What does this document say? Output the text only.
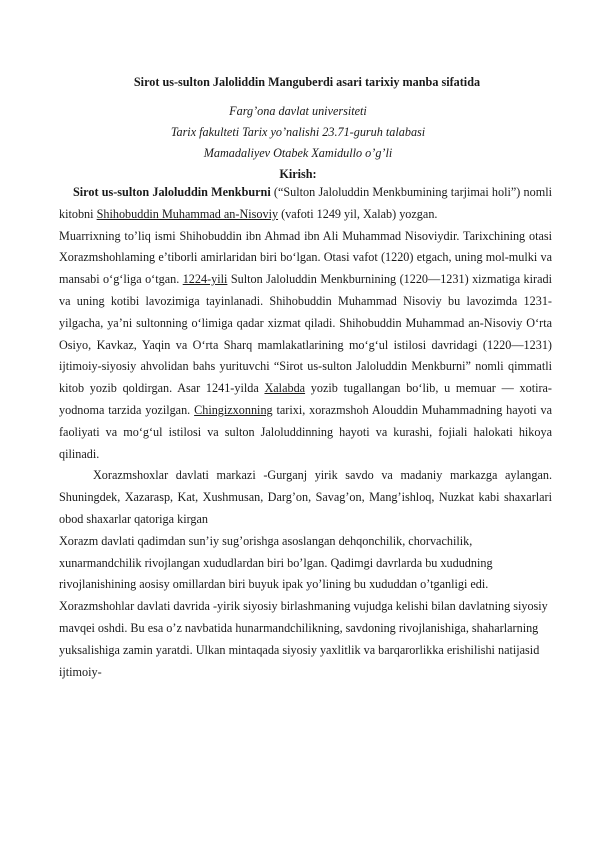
Sirot us-sulton Jaloliddin Manguberdi asari tarixiy manba sifatida
Farg’ona davlat universiteti
Tarix fakulteti Tarix yo’nalishi 23.71-guruh talabasi
Mamadaliyev Otabek Xamidullo o’g’li
Kirish:

Sirot us-sulton Jaloluddin Menkburni (“Sulton Jaloluddin Menkbumining tarjimai holi”) nomli kitobni Shihobuddin Muhammad an-Nisoviy (vafoti 1249 yil, Xalab) yozgan.

Muarrixning to’liq ismi Shihobuddin ibn Ahmad ibn Ali Muhammad Nisoviydir. Tarixchining otasi Xorazmshohlaming e’tiborli amirlaridan biri bo‘lgan. Otasi vafot (1220) etgach, uning mol-mulki va mansabi o‘g‘liga o‘tgan. 1224-yili Sulton Jaloluddin Menkburnining (1220—1231) xizmatiga kiradi va uning kotibi lavozimiga tayinlanadi. Shihobuddin Muhammad Nisoviy bu lavozimda 1231-yilgacha, ya’ni sultonning o‘limiga qadar xizmat qiladi. Shihobuddin Muhammad an-Nisoviy O‘rta Osiyo, Kavkaz, Yaqin va O‘rta Sharq mamlakatlarining mo‘g‘ul istilosi davridagi (1220—1231) ijtimoiy-siyosiy ahvolidan bahs yurituvchi “Sirot us-sulton Jaloluddin Menkburni” nomli qimmatli kitob yozib qoldirgan. Asar 1241-yilda Xalabda yozib tugallangan bo‘lib, u memuar — xotira-yodnoma tarzida yozilgan. Chingizxonning tarixi, xorazmshoh Alouddin Muhammadning hayoti va faoliyati va mo‘g‘ul istilosi va sulton Jaloluddinning hayoti va kurashi, fojiali halokati hikoya qilinadi.

Xorazmshoxlar davlati markazi -Gurganj yirik savdo va madaniy markazga aylangan. Shuningdek, Xazarasp, Kat, Xushmusan, Darg’on, Savag’on, Mang’ishloq, Nuzkat kabi shaxarlari obod shaxarlar qatoriga kirgan

Xorazm davlati qadimdan sun’iy sug’orishga asoslangan dehqonchilik, chorvachilik, xunarmandchilik rivojlangan xududlardan biri bo’lgan. Qadimgi davrlarda bu xududning rivojlanishining aosisy omillardan biri buyuk ipak yo’lining bu xududdan o’tganligi edi. Xorazmshohlar davlati davrida -yirik siyosiy birlashmaning vujudga kelishi bilan davlatning siyosiy mavqei oshdi. Bu esa o’z navbatida hunarmandchilikning, savdoning rivojlanishiga, shaharlarning yuksalishiga zamin yaratdi. Ulkan mintaqada siyosiy yaxlitlik va barqarorlikka erishilishi natijasid ijtimoiy-
